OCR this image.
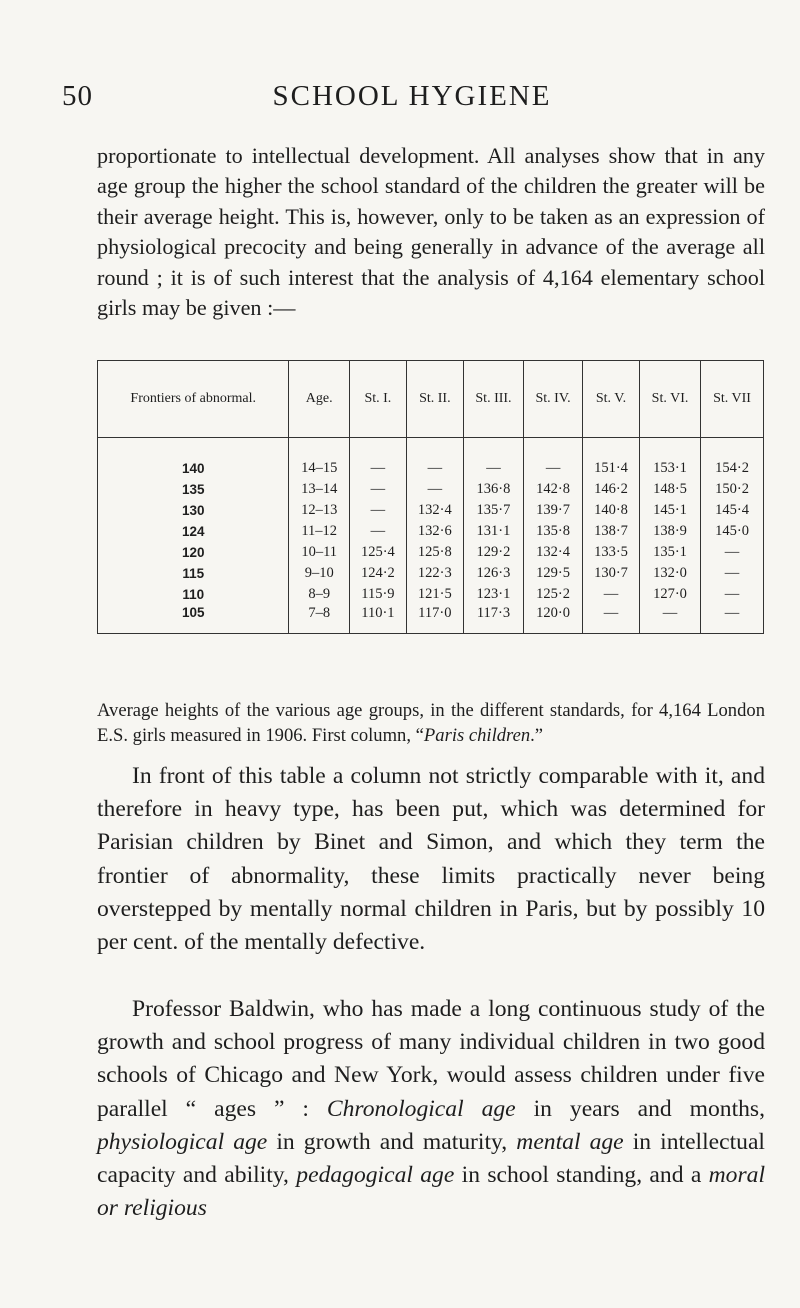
50	SCHOOL HYGIENE

proportionate to intellectual development. All analyses show that in any age group the higher the school standard of the children the greater will be their average height. This is, however, only to be taken as an expression of physiological precocity and being generally in advance of the average all round ; it is of such interest that the analysis of 4,164 elementary school girls may be given :—

Frontiers of abnormal.	Age.	St. I.	St. II.	St. III.	St. IV.	St. V.	St. VI.	St. VII
140	14–15	—	—	—	—	151·4	153·1	154·2
135	13–14	—	—	136·8	142·8	146·2	148·5	150·2
130	12–13	—	132·4	135·7	139·7	140·8	145·1	145·4
124	11–12	—	132·6	131·1	135·8	138·7	138·9	145·0
120	10–11	125·4	125·8	129·2	132·4	133·5	135·1	—
115	9–10	124·2	122·3	126·3	129·5	130·7	132·0	—
110	8–9	115·9	121·5	123·1	125·2	—	127·0	—
105	7–8	110·1	117·0	117·3	120·0	—	—	—

Average heights of the various age groups, in the different standards, for 4,164 London E.S. girls measured in 1906. First column, “Paris children.”

In front of this table a column not strictly comparable with it, and therefore in heavy type, has been put, which was determined for Parisian children by Binet and Simon, and which they term the frontier of abnormality, these limits practically never being overstepped by mentally normal children in Paris, but by possibly 10 per cent. of the mentally defective.

Professor Baldwin, who has made a long continuous study of the growth and school progress of many individual children in two good schools of Chicago and New York, would assess children under five parallel “ ages ” : Chronological age in years and months, physiological age in growth and maturity, mental age in intellectual capacity and ability, pedagogical age in school standing, and a moral or religious
